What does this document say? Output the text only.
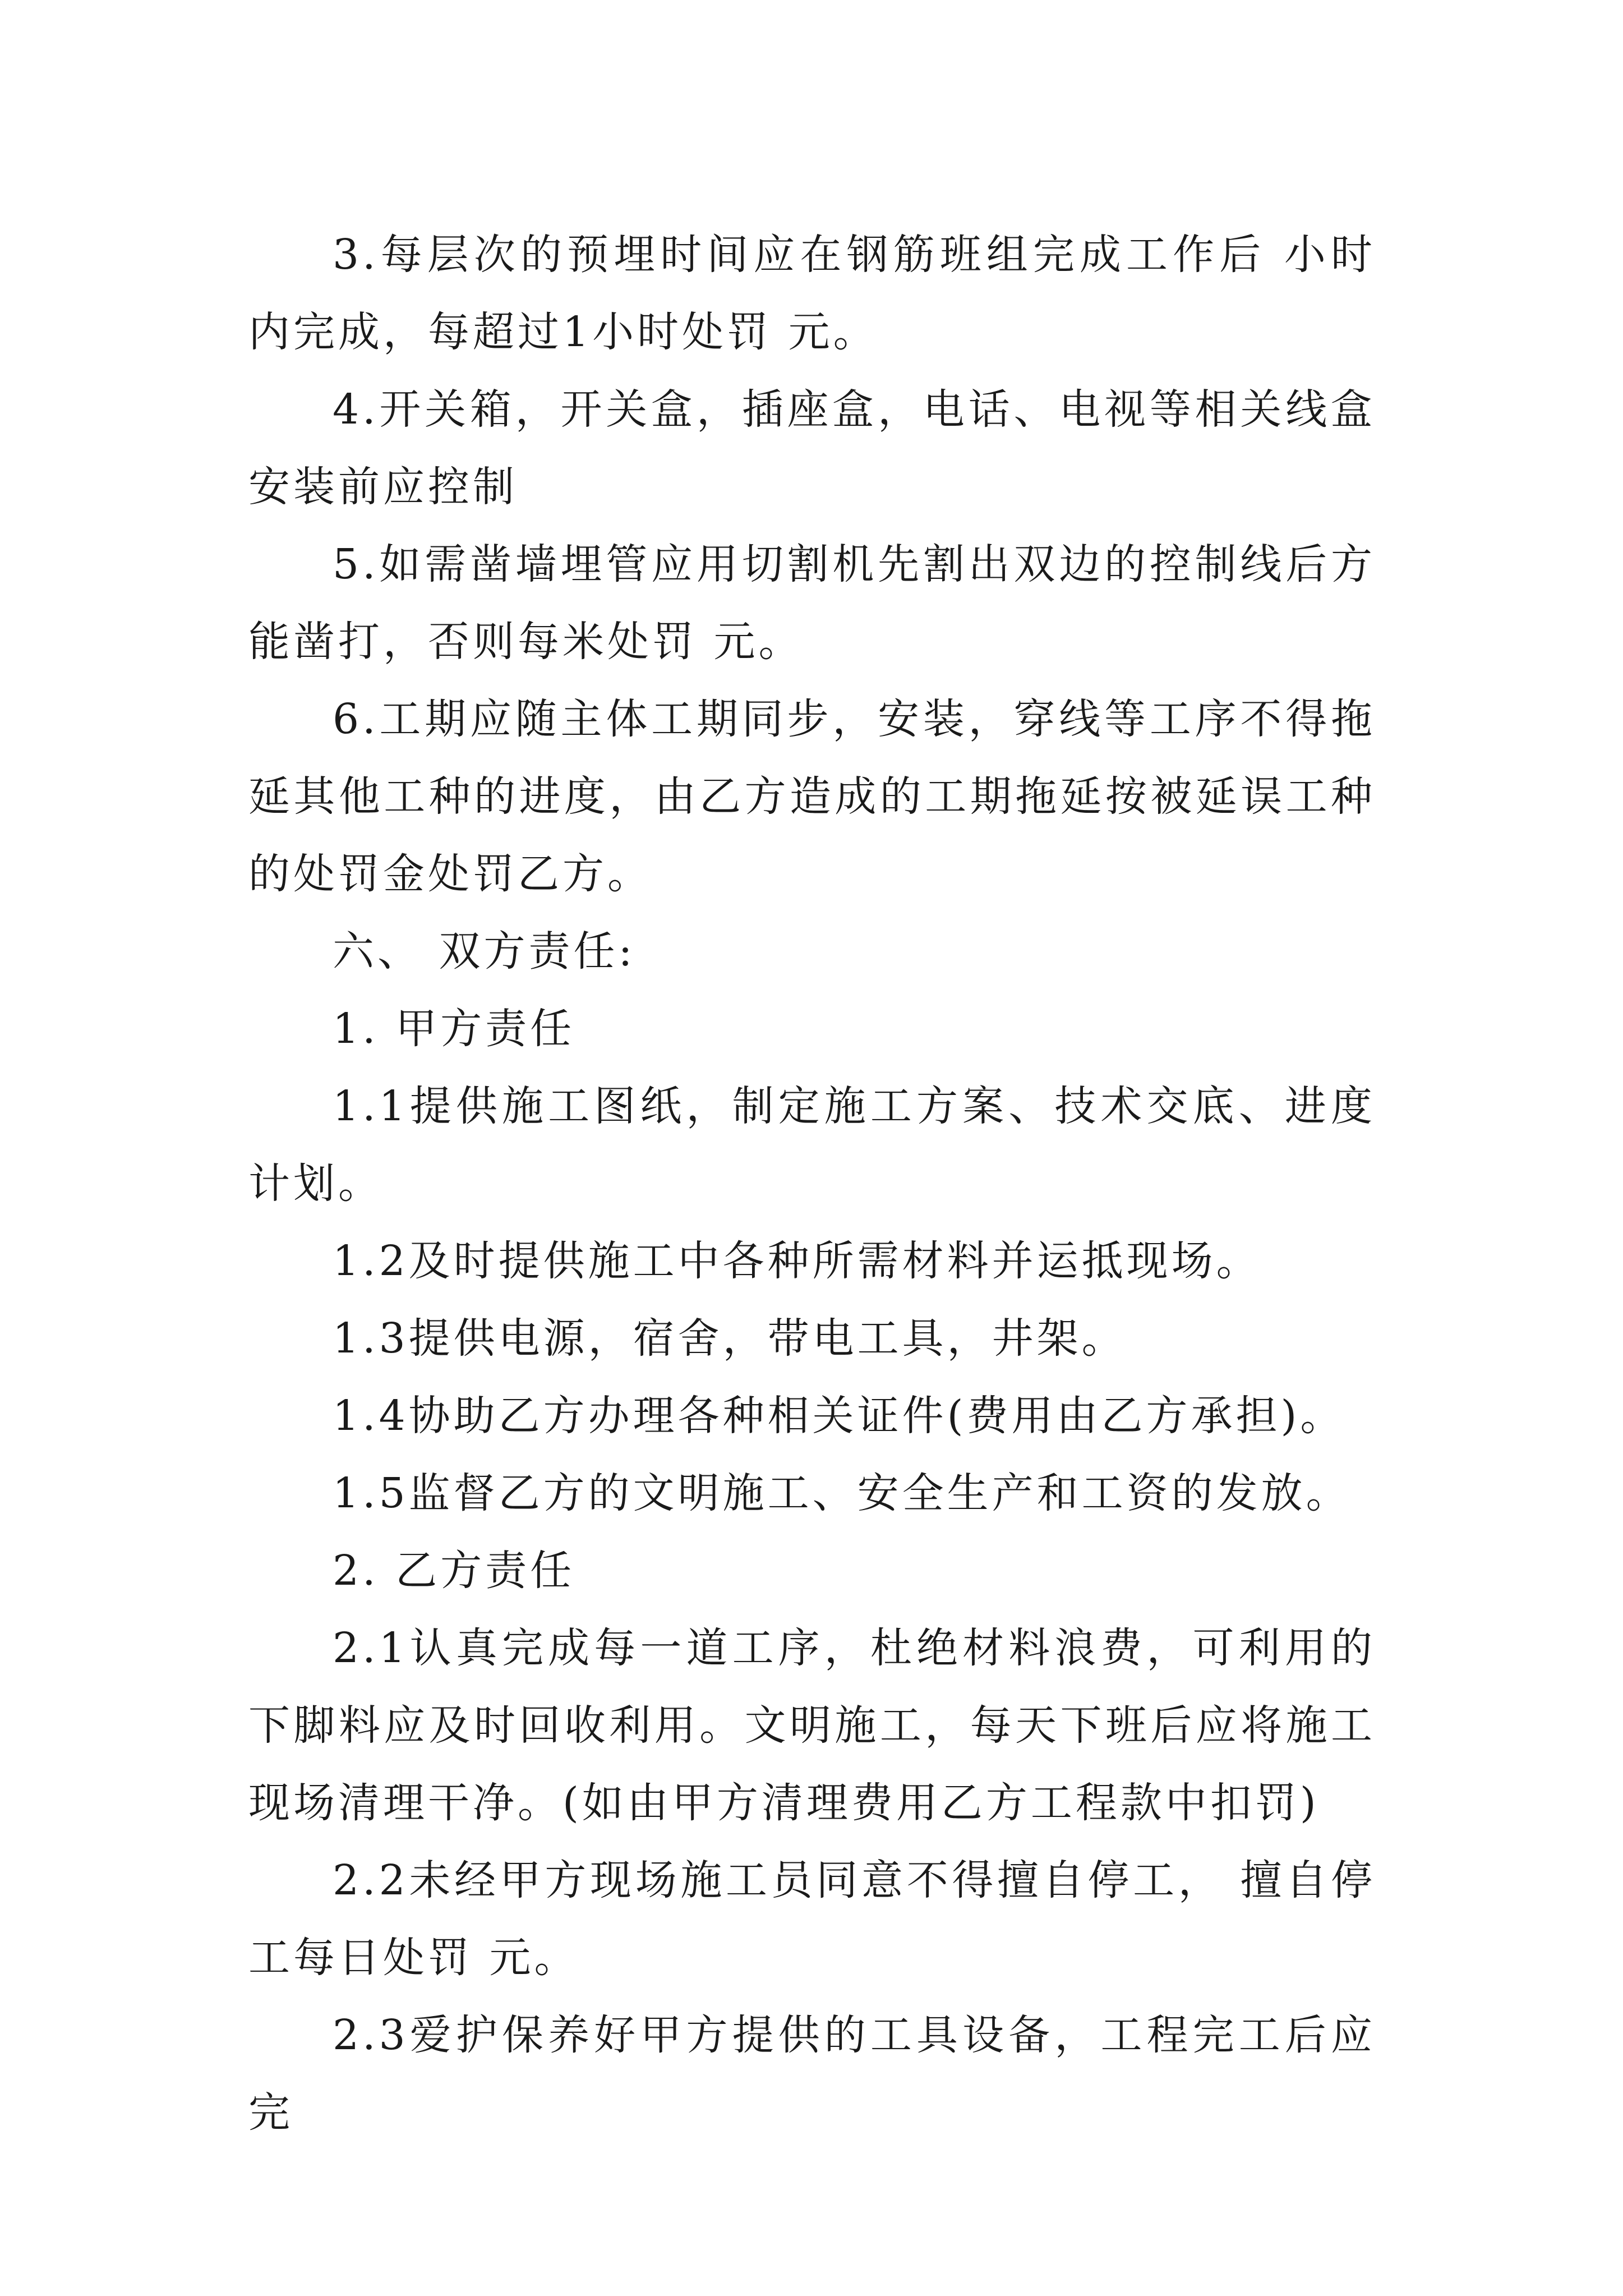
3.每层次的预埋时间应在钢筋班组完成工作后 小时内完成，每超过1小时处罚 元。

4.开关箱，开关盒，插座盒，电话、电视等相关线盒安装前应控制

5.如需凿墙埋管应用切割机先割出双边的控制线后方能凿打，否则每米处罚 元。

6.工期应随主体工期同步，安装，穿线等工序不得拖延其他工种的进度，由乙方造成的工期拖延按被延误工种的处罚金处罚乙方。

六、 双方责任:

1. 甲方责任

1.1提供施工图纸，制定施工方案、技术交底、进度计划。

1.2及时提供施工中各种所需材料并运抵现场。

1.3提供电源，宿舍，带电工具，井架。

1.4协助乙方办理各种相关证件(费用由乙方承担)。

1.5监督乙方的文明施工、安全生产和工资的发放。

2. 乙方责任

2.1认真完成每一道工序，杜绝材料浪费，可利用的下脚料应及时回收利用。文明施工，每天下班后应将施工现场清理干净。(如由甲方清理费用乙方工程款中扣罚)

2.2未经甲方现场施工员同意不得擅自停工， 擅自停工每日处罚 元。

2.3爱护保养好甲方提供的工具设备，工程完工后应完
